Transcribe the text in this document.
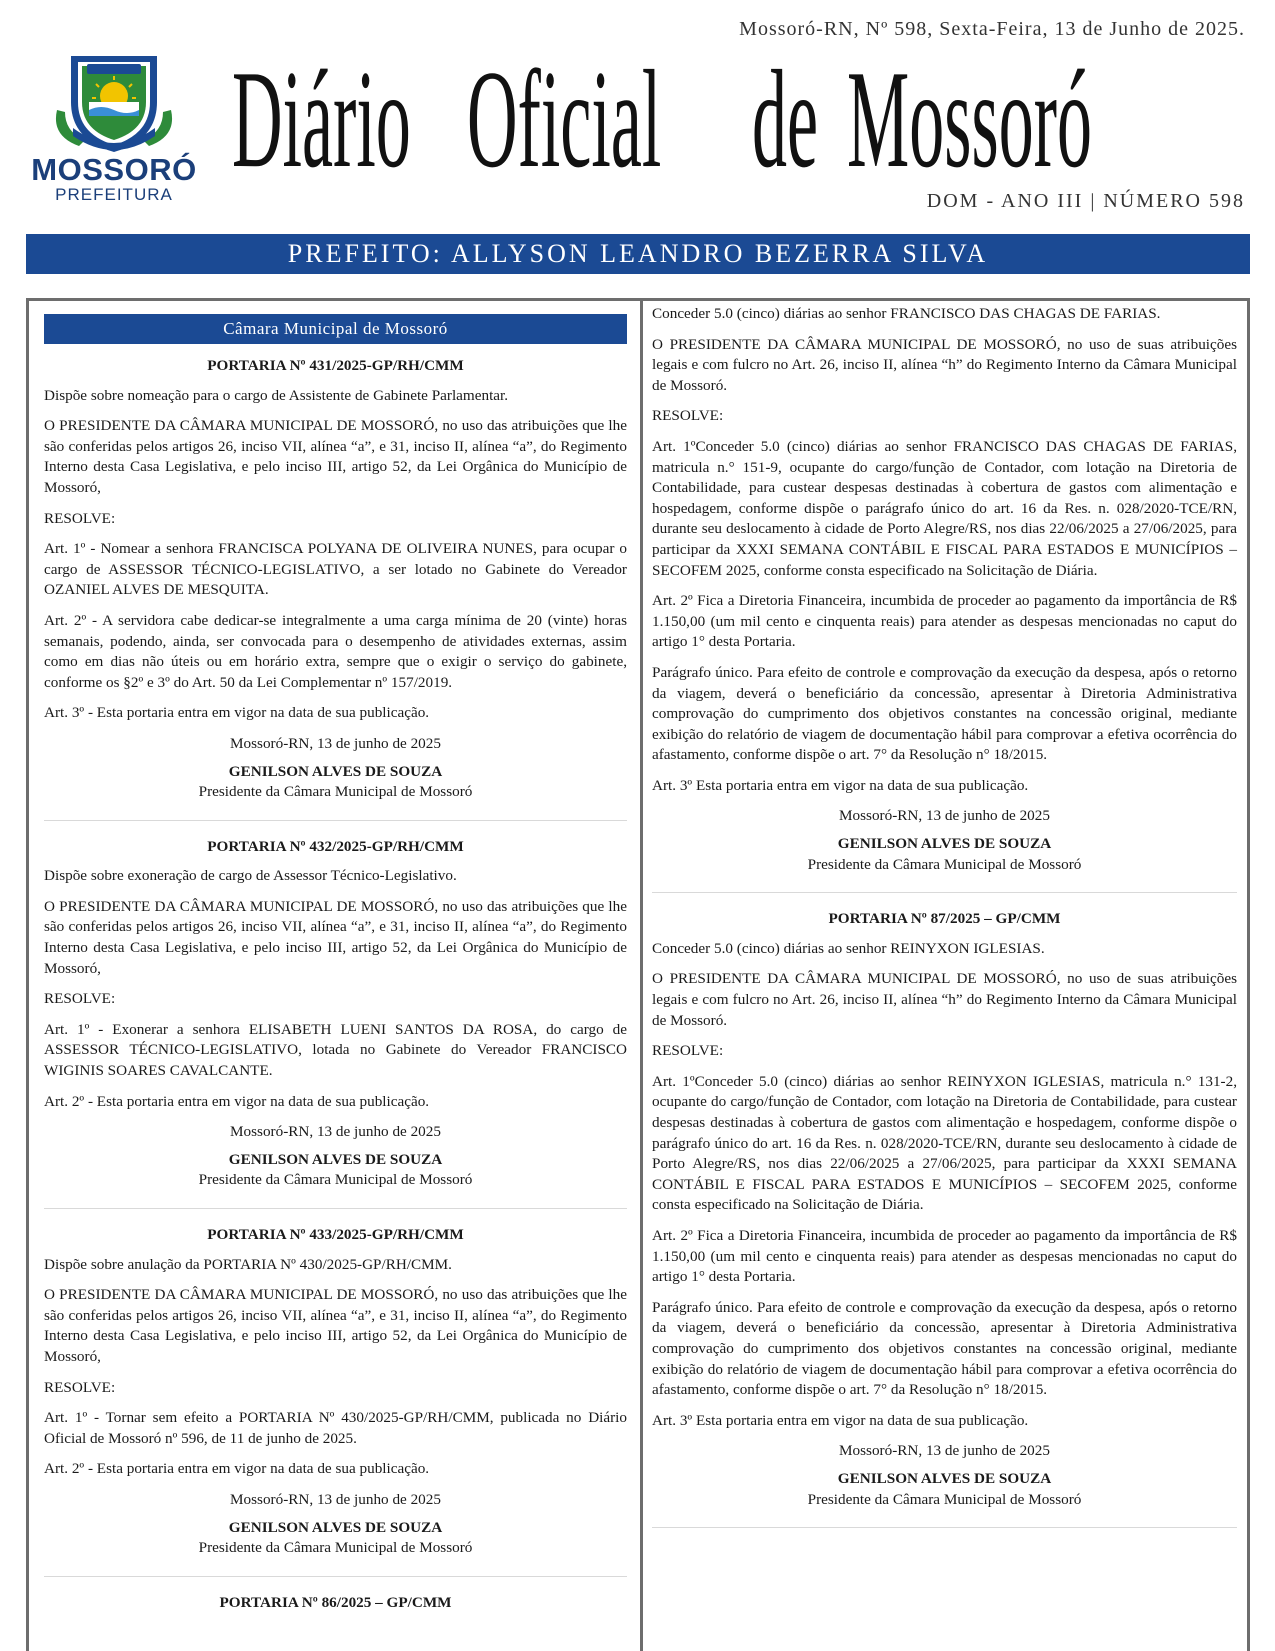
MOSSORÓ
PREFEITURA
Mossoró-RN, Nº 598, Sexta-Feira, 13 de Junho de 2025.
Diário Oficial de Mossoró
DOM - ANO III | NÚMERO 598
PREFEITO: ALLYSON LEANDRO BEZERRA SILVA
Câmara Municipal de Mossoró
PORTARIA Nº 431/2025-GP/RH/CMM
Dispõe sobre nomeação para o cargo de Assistente de Gabinete Parlamentar.
O PRESIDENTE DA CÂMARA MUNICIPAL DE MOSSORÓ, no uso das atribuições que lhe são conferidas pelos artigos 26, inciso VII, alínea “a”, e 31, inciso II, alínea “a”, do Regimento Interno desta Casa Legislativa, e pelo inciso III, artigo 52, da Lei Orgânica do Município de Mossoró,
RESOLVE:
Art. 1º - Nomear a senhora FRANCISCA POLYANA DE OLIVEIRA NUNES, para ocupar o cargo de ASSESSOR TÉCNICO-LEGISLATIVO, a ser lotado no Gabinete do Vereador OZANIEL ALVES DE MESQUITA.
Art. 2º - A servidora cabe dedicar-se integralmente a uma carga mínima de 20 (vinte) horas semanais, podendo, ainda, ser convocada para o desempenho de atividades externas, assim como em dias não úteis ou em horário extra, sempre que o exigir o serviço do gabinete, conforme os §2º e 3º do Art. 50 da Lei Complementar nº 157/2019.
Art. 3º - Esta portaria entra em vigor na data de sua publicação.
Mossoró-RN, 13 de junho de 2025
GENILSON ALVES DE SOUZA
Presidente da Câmara Municipal de Mossoró
PORTARIA Nº 432/2025-GP/RH/CMM
Dispõe sobre exoneração de cargo de Assessor Técnico-Legislativo.
O PRESIDENTE DA CÂMARA MUNICIPAL DE MOSSORÓ, no uso das atribuições que lhe são conferidas pelos artigos 26, inciso VII, alínea “a”, e 31, inciso II, alínea “a”, do Regimento Interno desta Casa Legislativa, e pelo inciso III, artigo 52, da Lei Orgânica do Município de Mossoró,
RESOLVE:
Art. 1º - Exonerar a senhora ELISABETH LUENI SANTOS DA ROSA, do cargo de ASSESSOR TÉCNICO-LEGISLATIVO, lotada no Gabinete do Vereador FRANCISCO WIGINIS SOARES CAVALCANTE.
Art. 2º - Esta portaria entra em vigor na data de sua publicação.
Mossoró-RN, 13 de junho de 2025
GENILSON ALVES DE SOUZA
Presidente da Câmara Municipal de Mossoró
PORTARIA Nº 433/2025-GP/RH/CMM
Dispõe sobre anulação da PORTARIA Nº 430/2025-GP/RH/CMM.
O PRESIDENTE DA CÂMARA MUNICIPAL DE MOSSORÓ, no uso das atribuições que lhe são conferidas pelos artigos 26, inciso VII, alínea “a”, e 31, inciso II, alínea “a”, do Regimento Interno desta Casa Legislativa, e pelo inciso III, artigo 52, da Lei Orgânica do Município de Mossoró,
RESOLVE:
Art. 1º - Tornar sem efeito a PORTARIA Nº 430/2025-GP/RH/CMM, publicada no Diário Oficial de Mossoró nº 596, de 11 de junho de 2025.
Art. 2º - Esta portaria entra em vigor na data de sua publicação.
Mossoró-RN, 13 de junho de 2025
GENILSON ALVES DE SOUZA
Presidente da Câmara Municipal de Mossoró
PORTARIA Nº 86/2025 – GP/CMM
Conceder 5.0 (cinco) diárias ao senhor FRANCISCO DAS CHAGAS DE FARIAS.
O PRESIDENTE DA CÂMARA MUNICIPAL DE MOSSORÓ, no uso de suas atribuições legais e com fulcro no Art. 26, inciso II, alínea “h” do Regimento Interno da Câmara Municipal de Mossoró.
RESOLVE:
Art. 1ºConceder 5.0 (cinco) diárias ao senhor FRANCISCO DAS CHAGAS DE FARIAS, matricula n.° 151-9, ocupante do cargo/função de Contador, com lotação na Diretoria de Contabilidade, para custear despesas destinadas à cobertura de gastos com alimentação e hospedagem, conforme dispõe o parágrafo único do art. 16 da Res. n. 028/2020-TCE/RN, durante seu deslocamento à cidade de Porto Alegre/RS, nos dias 22/06/2025 a 27/06/2025, para participar da XXXI SEMANA CONTÁBIL E FISCAL PARA ESTADOS E MUNICÍPIOS – SECOFEM 2025, conforme consta especificado na Solicitação de Diária.
Art. 2º Fica a Diretoria Financeira, incumbida de proceder ao pagamento da importância de R$ 1.150,00 (um mil cento e cinquenta reais) para atender as despesas mencionadas no caput do artigo 1° desta Portaria.
Parágrafo único. Para efeito de controle e comprovação da execução da despesa, após o retorno da viagem, deverá o beneficiário da concessão, apresentar à Diretoria Administrativa comprovação do cumprimento dos objetivos constantes na concessão original, mediante exibição do relatório de viagem de documentação hábil para comprovar a efetiva ocorrência do afastamento, conforme dispõe o art. 7° da Resolução n° 18/2015.
Art. 3º Esta portaria entra em vigor na data de sua publicação.
Mossoró-RN, 13 de junho de 2025
GENILSON ALVES DE SOUZA
Presidente da Câmara Municipal de Mossoró
PORTARIA Nº 87/2025 – GP/CMM
Conceder 5.0 (cinco) diárias ao senhor REINYXON IGLESIAS.
O PRESIDENTE DA CÂMARA MUNICIPAL DE MOSSORÓ, no uso de suas atribuições legais e com fulcro no Art. 26, inciso II, alínea “h” do Regimento Interno da Câmara Municipal de Mossoró.
RESOLVE:
Art. 1ºConceder 5.0 (cinco) diárias ao senhor REINYXON IGLESIAS, matricula n.° 131-2, ocupante do cargo/função de Contador, com lotação na Diretoria de Contabilidade, para custear despesas destinadas à cobertura de gastos com alimentação e hospedagem, conforme dispõe o parágrafo único do art. 16 da Res. n. 028/2020-TCE/RN, durante seu deslocamento à cidade de Porto Alegre/RS, nos dias 22/06/2025 a 27/06/2025, para participar da XXXI SEMANA CONTÁBIL E FISCAL PARA ESTADOS E MUNICÍPIOS – SECOFEM 2025, conforme consta especificado na Solicitação de Diária.
Art. 2º Fica a Diretoria Financeira, incumbida de proceder ao pagamento da importância de R$ 1.150,00 (um mil cento e cinquenta reais) para atender as despesas mencionadas no caput do artigo 1° desta Portaria.
Parágrafo único. Para efeito de controle e comprovação da execução da despesa, após o retorno da viagem, deverá o beneficiário da concessão, apresentar à Diretoria Administrativa comprovação do cumprimento dos objetivos constantes na concessão original, mediante exibição do relatório de viagem de documentação hábil para comprovar a efetiva ocorrência do afastamento, conforme dispõe o art. 7° da Resolução n° 18/2015.
Art. 3º Esta portaria entra em vigor na data de sua publicação.
Mossoró-RN, 13 de junho de 2025
GENILSON ALVES DE SOUZA
Presidente da Câmara Municipal de Mossoró
